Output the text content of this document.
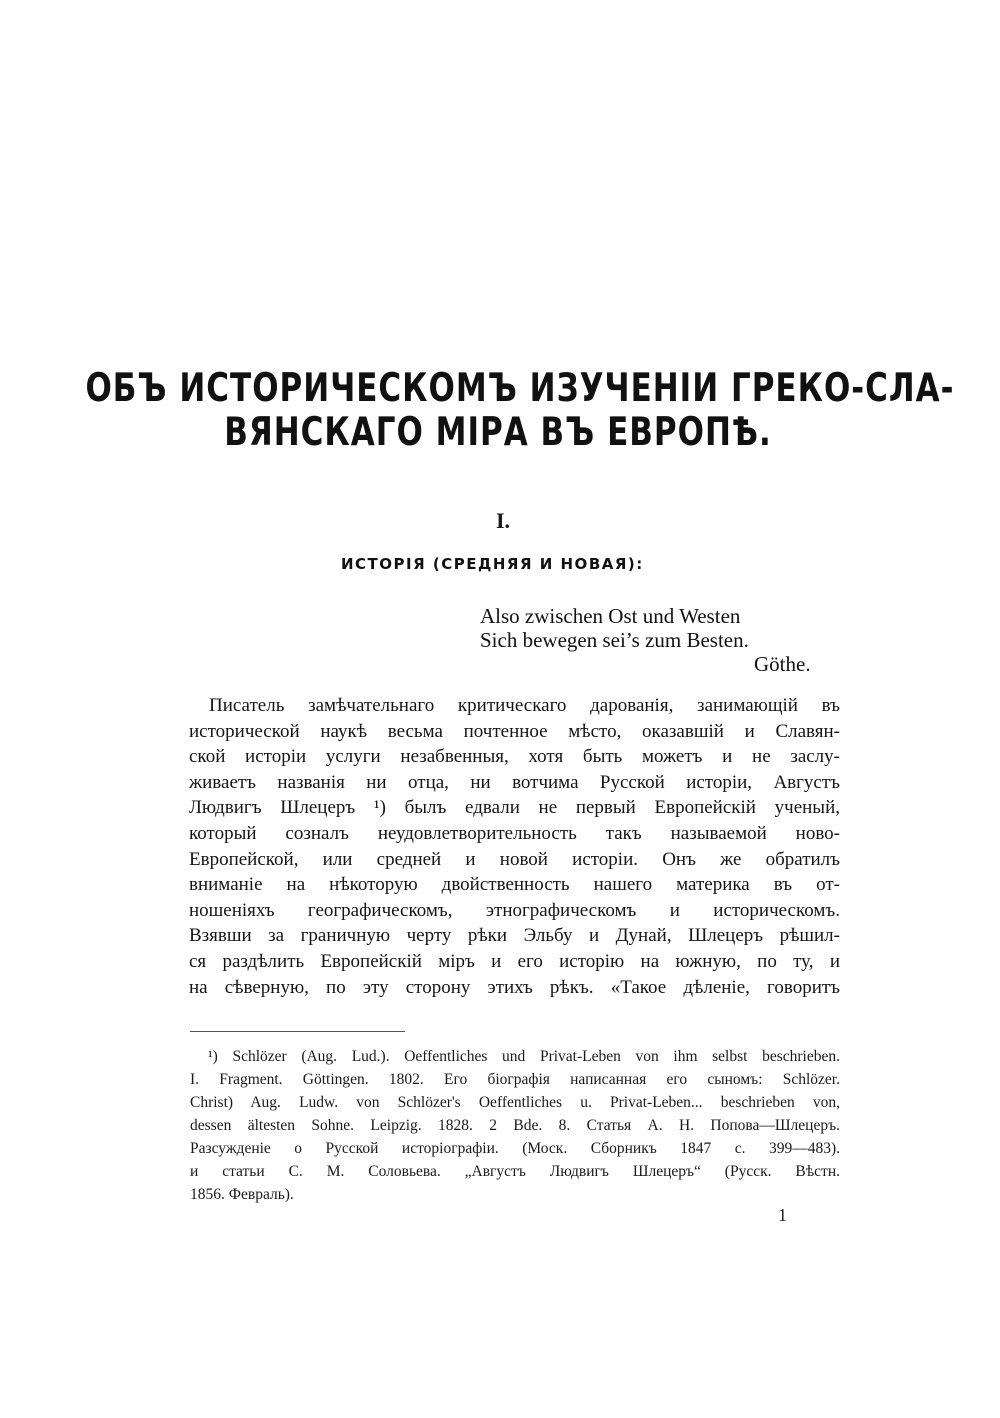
ОБЪ ИСТОРИЧЕСКОМЪ ИЗУЧЕНІИ ГРЕКО-СЛА-
ВЯНСКАГО МІРА ВЪ ЕВРОПѢ.
I.
ИСТОРІЯ (СРЕДНЯЯ И НОВАЯ):
Also zwischen Ost und Westen
Sich bewegen sei’s zum Besten.
Göthe.
Писатель замѣчательнаго критическаго дарованія, занимающій въ
исторической наукѣ весьма почтенное мѣсто, оказавшій и Славян-
ской исторіи услуги незабвенныя, хотя быть можетъ и не заслу-
живаетъ названія ни отца, ни вотчима Русской исторіи, Августъ
Людвигъ Шлецеръ ¹) былъ едвали не первый Европейскій ученый,
который созналъ неудовлетворительность такъ называемой ново-
Европейской, или средней и новой исторіи. Онъ же обратилъ
вниманіе на нѣкоторую двойственность нашего материка въ от-
ношеніяхъ географическомъ, этнографическомъ и историческомъ.
Взявши за граничную черту рѣки Эльбу и Дунай, Шлецеръ рѣшил-
ся раздѣлить Европейскій міръ и его исторію на южную, по ту, и
на сѣверную, по эту сторону этихъ рѣкъ. «Такое дѣленіе, говоритъ
¹) Schlözer (Aug. Lud.). Oeffentliches und Privat-Leben von ihm selbst beschrieben.
I. Fragment. Göttingen. 1802. Его біографія написанная его сыномъ: Schlözer.
Christ) Aug. Ludw. von Schlözer's Oeffentliches u. Privat-Leben... beschrieben von,
dessen ältesten Sohne. Leipzig. 1828. 2 Bde. 8. Статья А. Н. Попова—Шлецеръ.
Разсужденіе о Русской исторіографіи. (Моск. Сборникъ 1847 с. 399—483).
и статьи С. М. Соловьева. „Августъ Людвигъ Шлецеръ“ (Русск. Вѣстн.
1856. Февраль).
1
